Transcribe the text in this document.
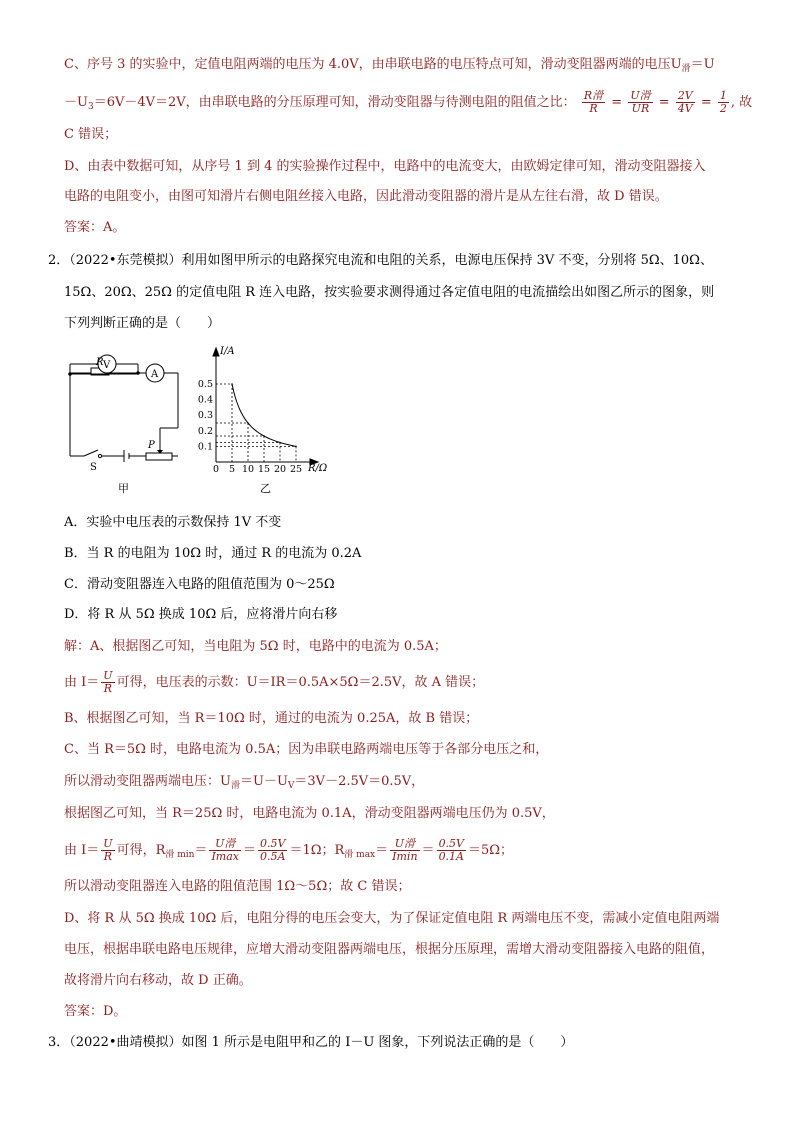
C、序号 3 的实验中，定值电阻两端的电压为 4.0V，由串联电路的电压特点可知，滑动变阻器两端的电压$U_滑=U$
$-U_3=6V-4V=2V$，由串联电路的分压原理可知，滑动变阻器与待测电阻的阻值之比： $\frac{\text{R滑}}{R} = \frac{\text{U滑}}{UR} = \frac{2V}{4V} = \frac{1}{2}$ , 故
C 错误；
D、由表中数据可知，从序号 1 到 4 的实验操作过程中，电路中的电流变大，由欧姆定律可知，滑动变阻器接入
电路的电阻变小，由图可知滑片右侧电阻丝接入电路，因此滑动变阻器的滑片是从左往右滑，故 D 错误。
答案：A。
2．（2022•东莞模拟）利用如图甲所示的电路探究电流和电阻的关系，电源电压保持 3V 不变，分别将 5Ω、10Ω、
15Ω、20Ω、25Ω 的定值电阻 R 连入电路，按实验要求测得通过各定值电阻的电流描绘出如图乙所示的图象，则
下列判断正确的是（　　）
V
R
A
P
S
甲
0 5 10 15 20 25
0.1
0.2
0.3
0.4
0.5
I/A
R/Ω
乙
A．实验中电压表的示数保持 1V 不变
B．当 R 的电阻为 10Ω 时，通过 R 的电流为 0.2A
C．滑动变阻器连入电路的阻值范围为 0～25Ω
D．将 R 从 5Ω 换成 10Ω 后，应将滑片向右移
解：A、根据图乙可知，当电阻为 5Ω 时，电路中的电流为 0.5A；
由 $I= \frac{U}{R}$ 可得，电压表的示数：U＝IR＝0.5A×5Ω＝2.5V，故 A 错误；
B、根据图乙可知，当 R＝10Ω 时，通过的电流为 0.25A，故 B 错误；
C、当 R＝5Ω 时，电路电流为 0.5A；因为串联电路两端电压等于各部分电压之和，
所以滑动变阻器两端电压：$U_滑=U-U_V=3V-2.5V=0.5V$，
根据图乙可知，当 R＝25Ω 时，电路电流为 0.1A，滑动变阻器两端电压仍为 0.5V，
由 $I= \frac{U}{R}$ 可得，$R_{滑 min}= \frac{\text{U滑}}{Imax} = \frac{0.5V}{0.5A} =1\Omega$；$R_{滑 max}= \frac{\text{U滑}}{Imin} = \frac{0.5V}{0.1A} =5\Omega$；
所以滑动变阻器连入电路的阻值范围 1Ω～5Ω；故 C 错误；
D、将 R 从 5Ω 换成 10Ω 后，电阻分得的电压会变大，为了保证定值电阻 R 两端电压不变，需减小定值电阻两端
电压，根据串联电路电压规律，应增大滑动变阻器两端电压，根据分压原理，需增大滑动变阻器接入电路的阻值，
故将滑片向右移动，故 D 正确。
答案：D。
3．（2022•曲靖模拟）如图 1 所示是电阻甲和乙的 I－U 图象，下列说法正确的是（　　）
